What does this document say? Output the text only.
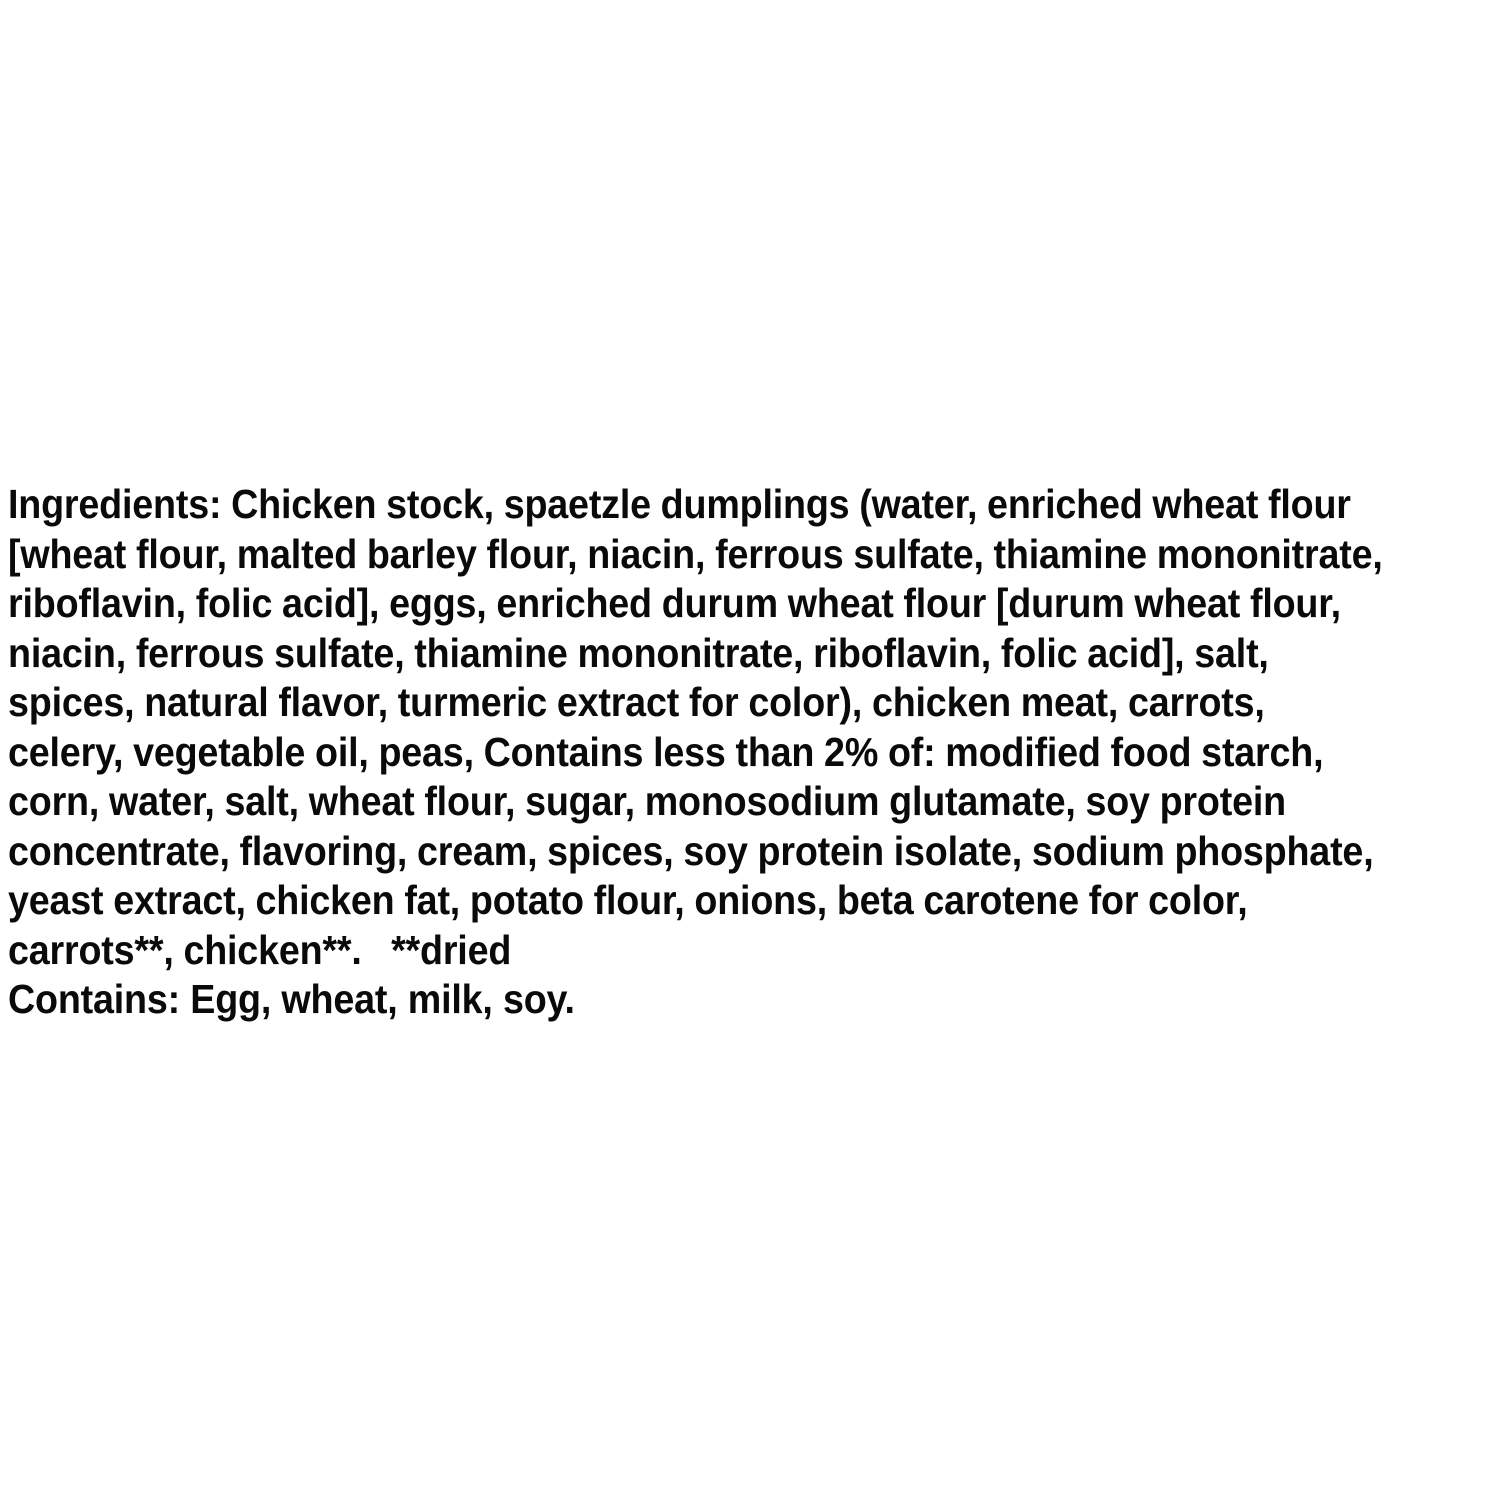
Ingredients: Chicken stock, spaetzle dumplings (water, enriched wheat flour [wheat flour, malted barley flour, niacin, ferrous sulfate, thiamine mononitrate, riboflavin, folic acid], eggs, enriched durum wheat flour [durum wheat flour, niacin, ferrous sulfate, thiamine mononitrate, riboflavin, folic acid], salt, spices, natural flavor, turmeric extract for color), chicken meat, carrots, celery, vegetable oil, peas, Contains less than 2% of: modified food starch, corn, water, salt, wheat flour, sugar, monosodium glutamate, soy protein concentrate, flavoring, cream, spices, soy protein isolate, sodium phosphate, yeast extract, chicken fat, potato flour, onions, beta carotene for color, carrots**, chicken**.   **dried
Contains: Egg, wheat, milk, soy.
